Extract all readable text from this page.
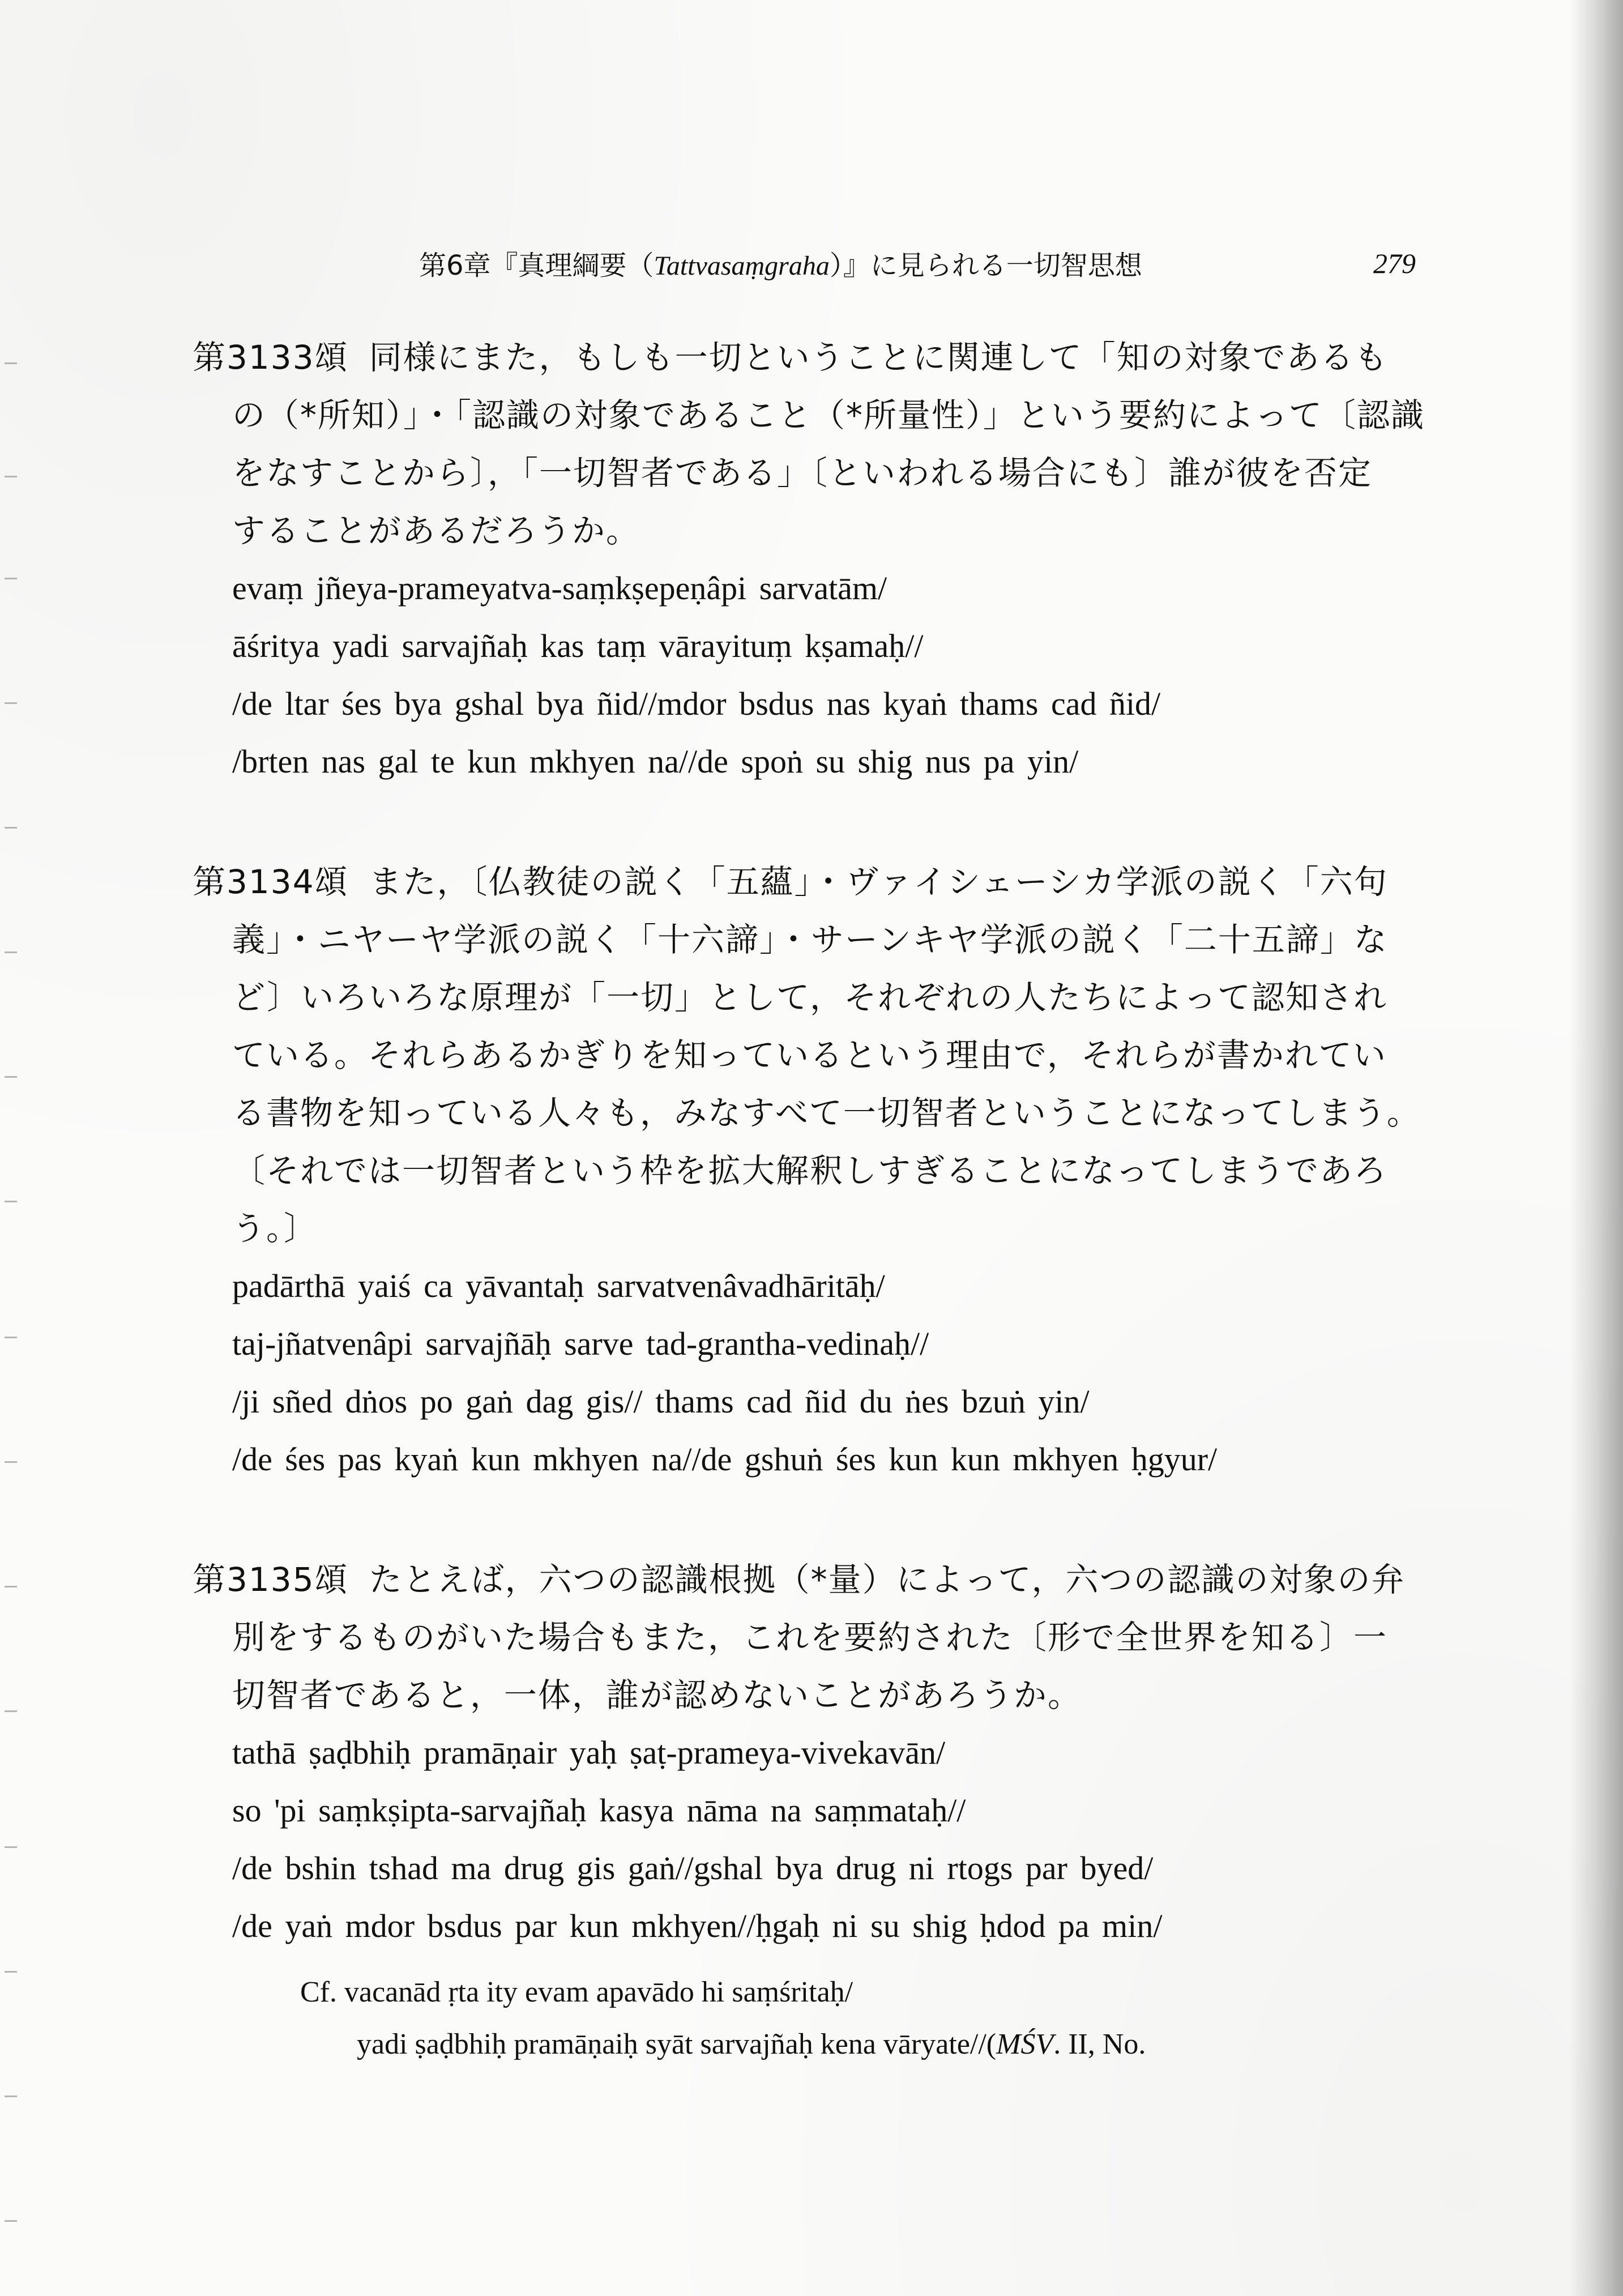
第6章『真理綱要（Tattvasaṃgraha）』に見られる一切智思想	279
第3133頌 同様にまた，もしも一切ということに関連して「知の対象であるも
の（*所知）」・「認識の対象であること（*所量性）」という要約によって〔認識
をなすことから〕，「一切智者である」〔といわれる場合にも〕誰が彼を否定
することがあるだろうか。
evaṃ jñeya-prameyatva-saṃkṣepeṇâpi sarvatām/
āśritya yadi sarvajñaḥ kas taṃ vārayituṃ kṣamaḥ//
/de ltar śes bya gshal bya ñid//mdor bsdus nas kyaṅ thams cad ñid/
/brten nas gal te kun mkhyen na//de spoṅ su shig nus pa yin/
第3134頌 また，〔仏教徒の説く「五蘊」・ヴァイシェーシカ学派の説く「六句
義」・ニヤーヤ学派の説く「十六諦」・サーンキヤ学派の説く「二十五諦」な
ど〕いろいろな原理が「一切」として，それぞれの人たちによって認知され
ている。それらあるかぎりを知っているという理由で，それらが書かれてい
る書物を知っている人々も，みなすべて一切智者ということになってしまう。
〔それでは一切智者という枠を拡大解釈しすぎることになってしまうであろ
う。〕
padārthā yaiś ca yāvantaḥ sarvatvenâvadhāritāḥ/
taj-jñatvenâpi sarvajñāḥ sarve tad-grantha-vedinaḥ//
/ji sñed dṅos po gaṅ dag gis// thams cad ñid du ṅes bzuṅ yin/
/de śes pas kyaṅ kun mkhyen na//de gshuṅ śes kun kun mkhyen ḥgyur/
第3135頌 たとえば，六つの認識根拠（*量）によって，六つの認識の対象の弁
別をするものがいた場合もまた，これを要約された〔形で全世界を知る〕一
切智者であると，一体，誰が認めないことがあろうか。
tathā ṣaḍbhiḥ pramāṇair yaḥ ṣaṭ-prameya-vivekavān/
so 'pi saṃkṣipta-sarvajñaḥ kasya nāma na saṃmataḥ//
/de bshin tshad ma drug gis gaṅ//gshal bya drug ni rtogs par byed/
/de yaṅ mdor bsdus par kun mkhyen//ḥgaḥ ni su shig ḥdod pa min/
Cf. vacanād ṛta ity evam apavādo hi saṃśritaḥ/
yadi ṣaḍbhiḥ pramāṇaiḥ syāt sarvajñaḥ kena vāryate//(MŚV. II, No.
